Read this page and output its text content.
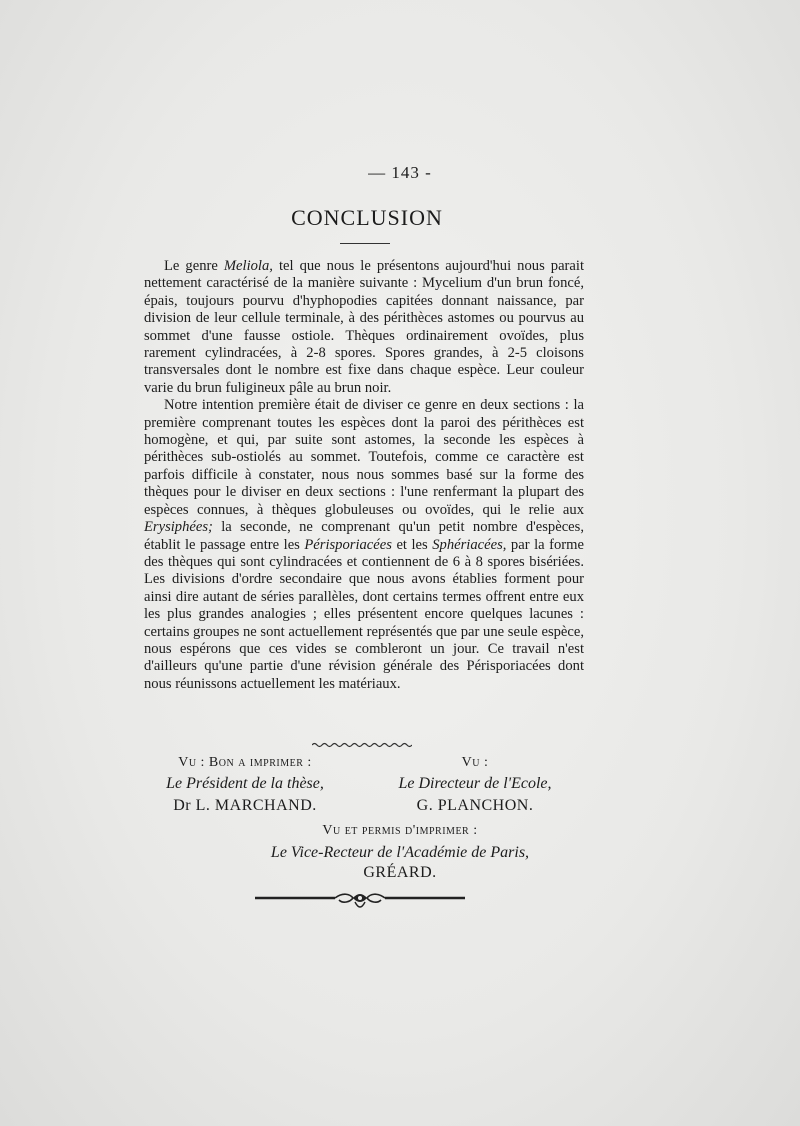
— 143 -
CONCLUSION

Le genre Meliola, tel que nous le présentons aujourd'hui nous parait nettement caractérisé de la manière suivante : Mycelium d'un brun foncé, épais, toujours pourvu d'hyphopodies capitées donnant naissance, par division de leur cellule terminale, à des périthèces astomes ou pourvus au sommet d'une fausse ostiole. Thèques ordinairement ovoïdes, plus rarement cylindracées, à 2-8 spores. Spores grandes, à 2-5 cloisons transversales dont le nombre est fixe dans chaque espèce. Leur couleur varie du brun fuligineux pâle au brun noir.

Notre intention première était de diviser ce genre en deux sections : la première comprenant toutes les espèces dont la paroi des périthèces est homogène, et qui, par suite sont astomes, la seconde les espèces à périthèces sub-ostiolés au sommet. Toutefois, comme ce caractère est parfois difficile à constater, nous nous sommes basé sur la forme des thèques pour le diviser en deux sections : l'une renfermant la plupart des espèces connues, à thèques globuleuses ou ovoïdes, qui le relie aux Erysiphées; la seconde, ne comprenant qu'un petit nombre d'espèces, établit le passage entre les Périsporiacées et les Sphériacées, par la forme des thèques qui sont cylindracées et contiennent de 6 à 8 spores bisériées. Les divisions d'ordre secondaire que nous avons établies forment pour ainsi dire autant de séries parallèles, dont certains termes offrent entre eux les plus grandes analogies ; elles présentent encore quelques lacunes : certains groupes ne sont actuellement représentés que par une seule espèce, nous espérons que ces vides se combleront un jour. Ce travail n'est d'ailleurs qu'une partie d'une révision générale des Périsporiacées dont nous réunissons actuellement les matériaux.

Vu : Bon a imprimer :	Vu :
Le Président de la thèse,	Le Directeur de l'Ecole,
Dr L. MARCHAND.	G. PLANCHON.
Vu et permis d'imprimer :
Le Vice-Recteur de l'Académie de Paris,
GRÉARD.
